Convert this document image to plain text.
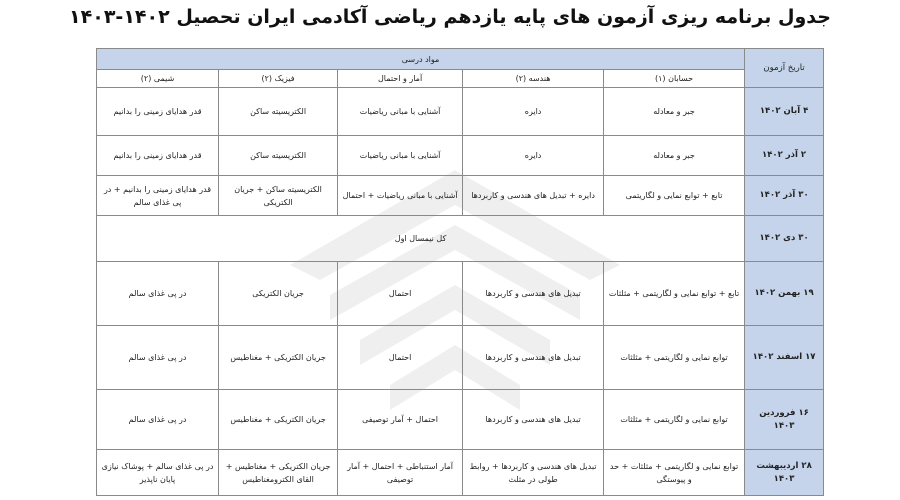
جدول برنامه ریزی آزمون های پایه یازدهم ریاضی آکادمی ایران تحصیل ۱۴۰۲-۱۴۰۳
تاریخ آزمون	مواد درسی				
	حسابان (۱)	هندسه (۲)	آمار و احتمال	فیزیک (۲)	شیمی (۲)
۴ آبان ۱۴۰۲	جبر و معادله	دایره	آشنایی با مبانی ریاضیات	الکتریسیته ساکن	قدر هدایای زمینی را بدانیم
۲ آذر ۱۴۰۲	جبر و معادله	دایره	آشنایی با مبانی ریاضیات	الکتریسیته ساکن	قدر هدایای زمینی را بدانیم
۳۰ آذر ۱۴۰۲	تابع + توابع نمایی و لگاریتمی	دایره + تبدیل های هندسی و کاربردها	آشنایی با مبانی ریاضیات + احتمال	الکتریسیته ساکن + جریان الکتریکی	قدر هدایای زمینی را بدانیم + در پی غذای سالم
۳۰ دی ۱۴۰۲	کل نیمسال اول				
۱۹ بهمن ۱۴۰۲	تابع + توابع نمایی و لگاریتمی + مثلثات	تبدیل های هندسی و کاربردها	احتمال	جریان الکتریکی	در پی غذای سالم
۱۷ اسفند ۱۴۰۲	توابع نمایی و لگاریتمی + مثلثات	تبدیل های هندسی و کاربردها	احتمال	جریان الکتریکی + مغناطیس	در پی غذای سالم
۱۶ فروردین ۱۴۰۳	توابع نمایی و لگاریتمی + مثلثات	تبدیل های هندسی و کاربردها	احتمال + آمار توصیفی	جریان الکتریکی + مغناطیس	در پی غذای سالم
۲۸ اردیبهشت ۱۴۰۳	توابع نمایی و لگاریتمی + مثلثات + حد و پیوستگی	تبدیل های هندسی و کاربردها + روابط طولی در مثلث	آمار استنباطی + احتمال + آمار توصیفی	جریان الکتریکی + مغناطیس + القای الکترومغناطیس	در پی غذای سالم + پوشاک نیازی پایان ناپذیر
